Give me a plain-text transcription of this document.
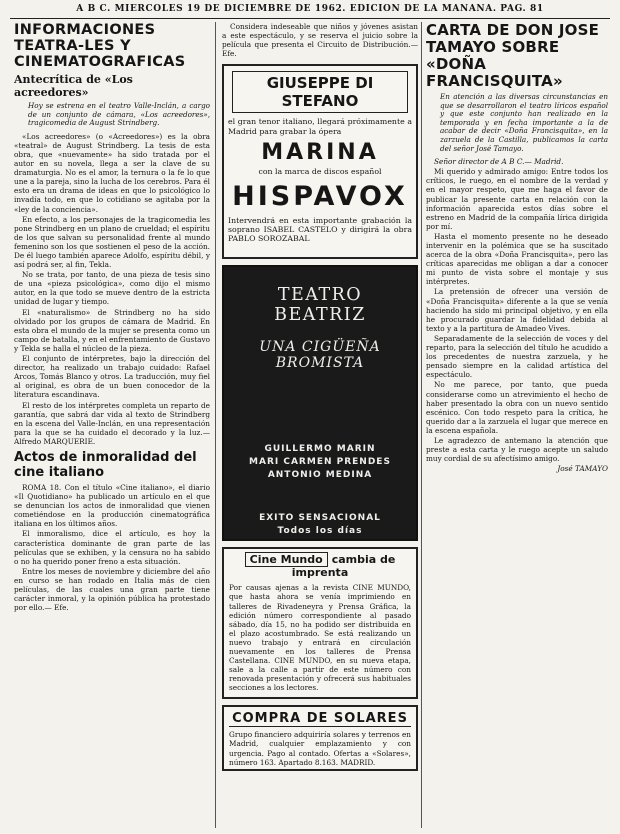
A B C. MIERCOLES 19 DE DICIEMBRE DE 1962. EDICION DE LA MAÑANA. PAG. 81
INFORMACIONES TEATRA-LES Y CINEMATOGRAFICAS
Antecrítica de «Los acreedores»

Hoy se estrena en el teatro Valle-Inclán, a cargo de un conjunto de cámara, «Los acreedores», tragicomedia de August Strindberg.

«Los acreedores» (o «Acreedores») es la obra «teatral» de August Strindberg. La tesis de esta obra, que «nuevamente» ha sido tratada por el autor en su novela, llega a ser la clave de su dramaturgia. No es el amor, la ternura o la fe lo que une a la pareja, sino la lucha de los cerebros. Para él esto era un drama de ideas en que lo psicológico lo invadía todo, en que lo cotidiano se agitaba por la «ley de la conciencia».

En efecto, a los personajes de la tragicomedia les pone Strindberg en un plano de crueldad; el espíritu de los que salvan su personalidad frente al mundo femenino son los que sostienen el peso de la acción. De él luego también aparece Adolfo, espíritu débil, y así podrá ser, al fin, Tekla.

No se trata, por tanto, de una pieza de tesis sino de una «pieza psicológica», como dijo el mismo autor, en la que todo se mueve dentro de la estricta unidad de lugar y tiempo.

El «naturalismo» de Strindberg no ha sido olvidado por los grupos de cámara de Madrid. En esta obra el mundo de la mujer se presenta como un campo de batalla, y en el enfrentamiento de Gustavo y Tekla se halla el núcleo de la pieza.

El conjunto de intérpretes, bajo la dirección del director, ha realizado un trabajo cuidado: Rafael Arcos, Tomás Blanco y otros. La traducción, muy fiel al original, es obra de un buen conocedor de la literatura escandinava.

El resto de los intérpretes completa un reparto de garantía, que sabrá dar vida al texto de Strindberg en la escena del Valle-Inclán, en una representación para la que se ha cuidado el decorado y la luz.— Alfredo MARQUERIE.

Actos de inmoralidad del cine italiano

ROMA 18. Con el título «Cine italiano», el diario «Il Quotidiano» ha publicado un artículo en el que se denuncian los actos de inmoralidad que vienen cometiéndose en la producción cinematográfica italiana en los últimos años.

El inmoralismo, dice el artículo, es hoy la característica dominante de gran parte de las películas que se exhiben, y la censura no ha sabido o no ha querido poner freno a esta situación.

Entre los meses de noviembre y diciembre del año en curso se han rodado en Italia más de cien películas, de las cuales una gran parte tiene carácter inmoral, y la opinión pública ha protestado por ello.— Efe.

Considera indeseable que niños y jóvenes asistan a este espectáculo, y se reserva el juicio sobre la película que presenta el Circuito de Distribución.— Efe.

GIUSEPPE DI STEFANO

el gran tenor italiano, llegará próximamente a Madrid para grabar la ópera

MARINA

con la marca de discos español

HISPAVOX

Intervendrá en esta importante grabación la soprano ISABEL CASTELO y dirigirá la obra PABLO SOROZABAL

TEATRO BEATRIZ
UNA CIGÜEÑA BROMISTA
GUILLERMO MARIN
MARI CARMEN PRENDES
ANTONIO MEDINA
EXITO SENSACIONAL
Todos los días
Cine Mundo cambia de imprenta

Por causas ajenas a la revista CINE MUNDO, que hasta ahora se venía imprimiendo en talleres de Rivadeneyra y Prensa Gráfica, la edición número correspondiente al pasado sábado, día 15, no ha podido ser distribuida en el plazo acostumbrado. Se está realizando un nuevo trabajo y entrará en circulación nuevamente en los talleres de Prensa Castellana. CINE MUNDO, en su nueva etapa, sale a la calle a partir de este número con renovada presentación y ofrecerá sus habituales secciones a los lectores.

COMPRA DE SOLARES

Grupo financiero adquiriría solares y terrenos en Madrid, cualquier emplazamiento y con urgencia. Pago al contado. Ofertas a «Solares», número 163. Apartado 8.163. MADRID.

CARTA DE DON JOSE TAMAYO SOBRE «DOÑA FRANCISQUITA»

En atención a las diversas circunstancias en que se desarrollaron el teatro líricos español y que este conjunto han realizado en la temporada y en fecha importante a la de acabar de decir «Doña Francisquita», en la zarzuela de la Castilla, publicamos la carta del señor José Tamayo.

Señor director de A B C.— Madrid.

Mi querido y admirado amigo: Entre todos los críticos, le ruego, en el nombre de la verdad y en el mayor respeto, que me haga el favor de publicar la presente carta en relación con la información aparecida estos días sobre el estreno en Madrid de la compañía lírica dirigida por mí.

Hasta el momento presente no he deseado intervenir en la polémica que se ha suscitado acerca de la obra «Doña Francisquita», pero las críticas aparecidas me obligan a dar a conocer mi punto de vista sobre el montaje y sus intérpretes.

La pretensión de ofrecer una versión de «Doña Francisquita» diferente a la que se venía haciendo ha sido mi principal objetivo, y en ella he procurado guardar la fidelidad debida al texto y a la partitura de Amadeo Vives.

Separadamente de la selección de voces y del reparto, para la selección del título he acudido a los precedentes de nuestra zarzuela, y he pensado siempre en la calidad artística del espectáculo.

No me parece, por tanto, que pueda considerarse como un atrevimiento el hecho de haber presentado la obra con un nuevo sentido escénico. Con todo respeto para la crítica, he querido dar a la zarzuela el lugar que merece en la escena española.

Le agradezco de antemano la atención que preste a esta carta y le ruego acepte un saludo muy cordial de su afectísimo amigo.

José TAMAYO
